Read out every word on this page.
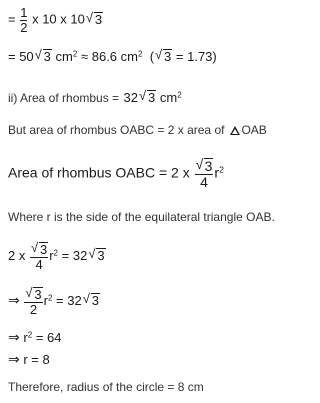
= $\frac{1}{2}$ x 10 x 10√ 3
= 50√ 3 $cm^2 \approx 86.6$ $cm^2$ (√ 3 = 1.73)
ii) Area of rhombus = 32√ 3 $cm^2$
But area of rhombus OABC = 2 x area of OAB
Area of rhombus OABC = 2 x
√ $\frac{3}{4} r^2$
Where r is the side of the equilateral triangle OAB.
2 x
√ $\frac{3}{4} r^2 = 32√$ 3
⇒
√ $\frac{3}{2} r^2 = 32√$ 3
⇒ $r^2 = 64$
⇒ r = 8
Therefore, radius of the circle = 8 cm
